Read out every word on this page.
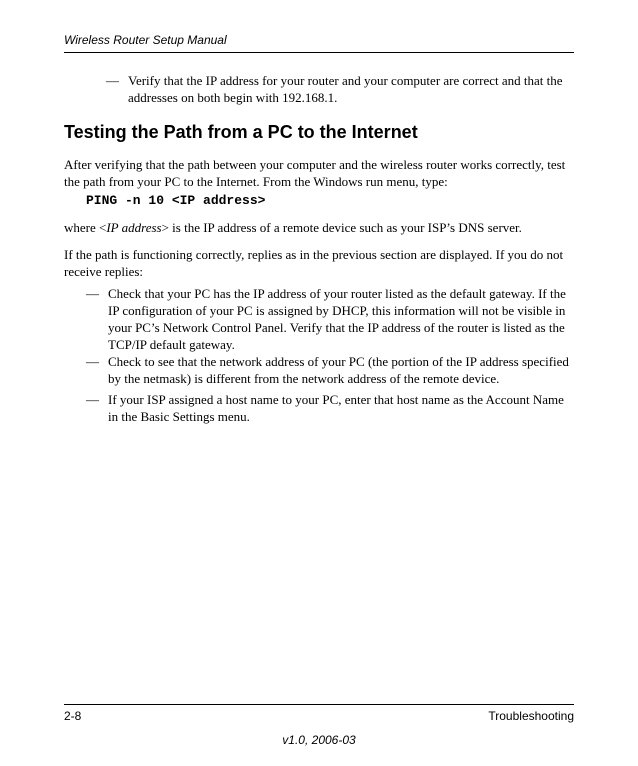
Wireless Router Setup Manual
— Verify that the IP address for your router and your computer are correct and that the addresses on both begin with 192.168.1.
Testing the Path from a PC to the Internet
After verifying that the path between your computer and the wireless router works correctly, test the path from your PC to the Internet. From the Windows run menu, type:
PING -n 10 <IP address>
where <IP address> is the IP address of a remote device such as your ISP’s DNS server.
If the path is functioning correctly, replies as in the previous section are displayed. If you do not receive replies:
— Check that your PC has the IP address of your router listed as the default gateway. If the IP configuration of your PC is assigned by DHCP, this information will not be visible in your PC’s Network Control Panel. Verify that the IP address of the router is listed as the TCP/IP default gateway.
— Check to see that the network address of your PC (the portion of the IP address specified by the netmask) is different from the network address of the remote device.
— If your ISP assigned a host name to your PC, enter that host name as the Account Name in the Basic Settings menu.
2-8	Troubleshooting
v1.0, 2006-03
